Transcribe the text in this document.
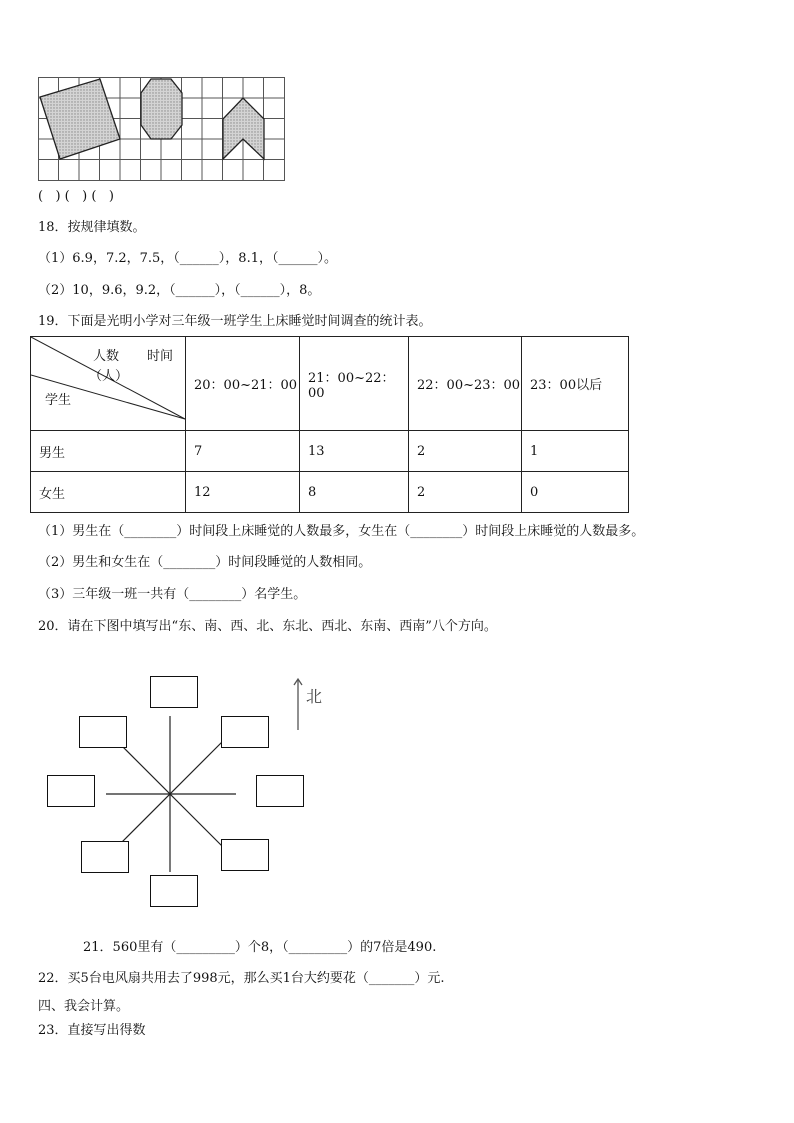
(   ) (   ) (   )
18．按规律填数。
（1）6.9，7.2，7.5，（______），8.1，（______）。
（2）10，9.6，9.2，（______），（______），8。
19．下面是光明小学对三年级一班学生上床睡觉时间调查的统计表。
人数
（人）
时间
学生	20：00~21：00	21：00~22：00	22：00~23：00	23：00以后
男生	7	13	2	1
女生	12	8	2	0
（1）男生在（________）时间段上床睡觉的人数最多，女生在（________）时间段上床睡觉的人数最多。
（2）男生和女生在（________）时间段睡觉的人数相同。
（3）三年级一班一共有（________）名学生。
20．请在下图中填写出“东、南、西、北、东北、西北、东南、西南”八个方向。
北
21．560里有（_________）个8，（_________）的7倍是490.
22．买5台电风扇共用去了998元，那么买1台大约要花（_______）元.
四、我会计算。
23．直接写出得数
